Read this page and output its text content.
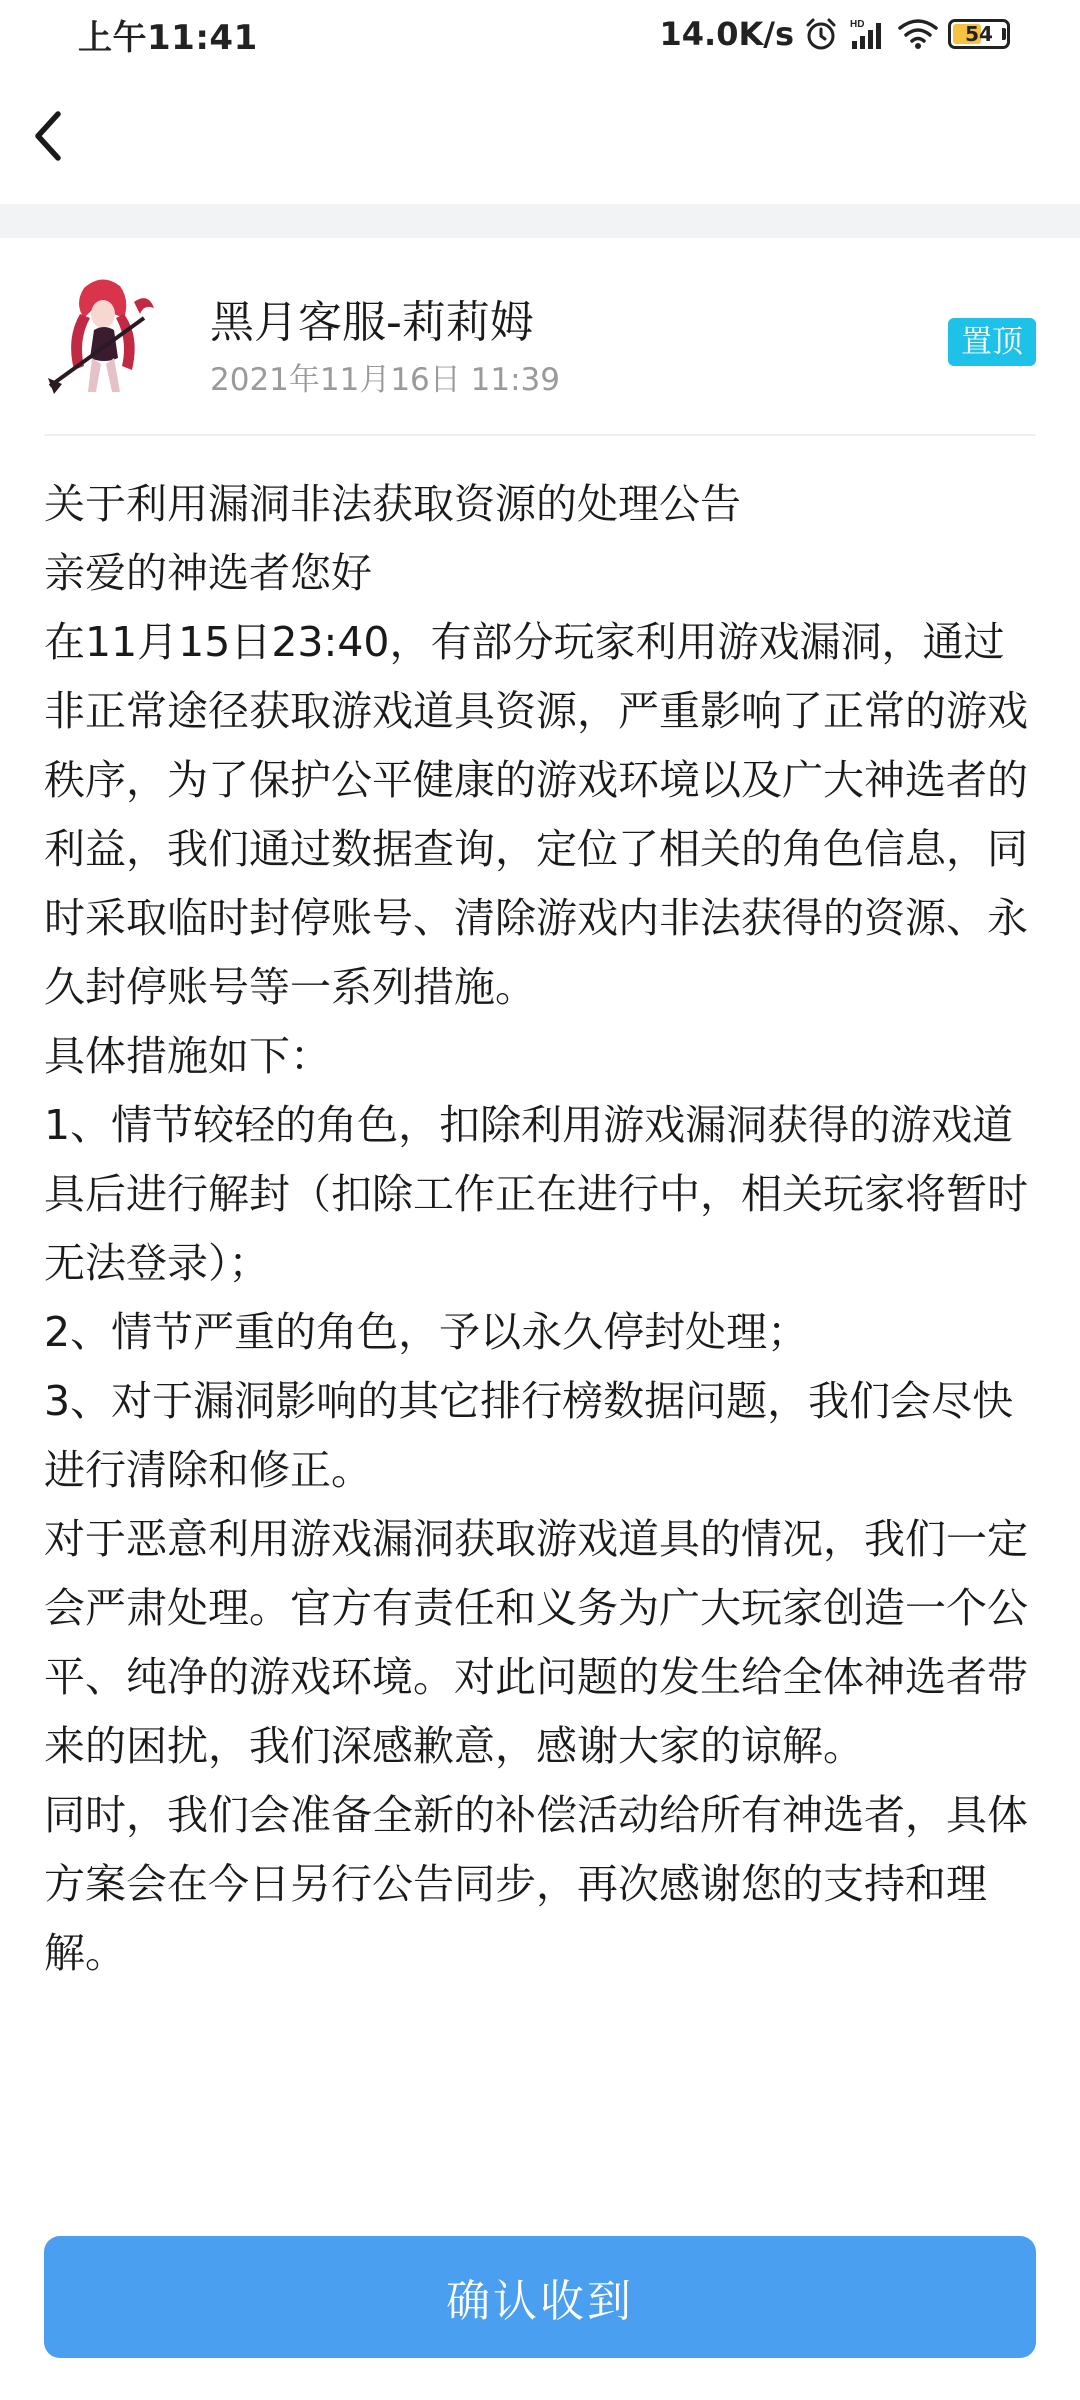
上午11:41	14.0K/s	HD	54
黑月客服-莉莉姆
2021年11月16日 11:39
置顶

关于利用漏洞非法获取资源的处理公告

亲爱的神选者您好

在11月15日23:40，有部分玩家利用游戏漏洞，通过非正常途径获取游戏道具资源，严重影响了正常的游戏秩序，为了保护公平健康的游戏环境以及广大神选者的利益，我们通过数据查询，定位了相关的角色信息，同时采取临时封停账号、清除游戏内非法获得的资源、永久封停账号等一系列措施。

具体措施如下：

1、情节较轻的角色，扣除利用游戏漏洞获得的游戏道具后进行解封（扣除工作正在进行中，相关玩家将暂时无法登录）；

2、情节严重的角色，予以永久停封处理；

3、对于漏洞影响的其它排行榜数据问题，我们会尽快进行清除和修正。

对于恶意利用游戏漏洞获取游戏道具的情况，我们一定会严肃处理。官方有责任和义务为广大玩家创造一个公平、纯净的游戏环境。对此问题的发生给全体神选者带来的困扰，我们深感歉意，感谢大家的谅解。

同时，我们会准备全新的补偿活动给所有神选者，具体方案会在今日另行公告同步，再次感谢您的支持和理解。

确认收到
